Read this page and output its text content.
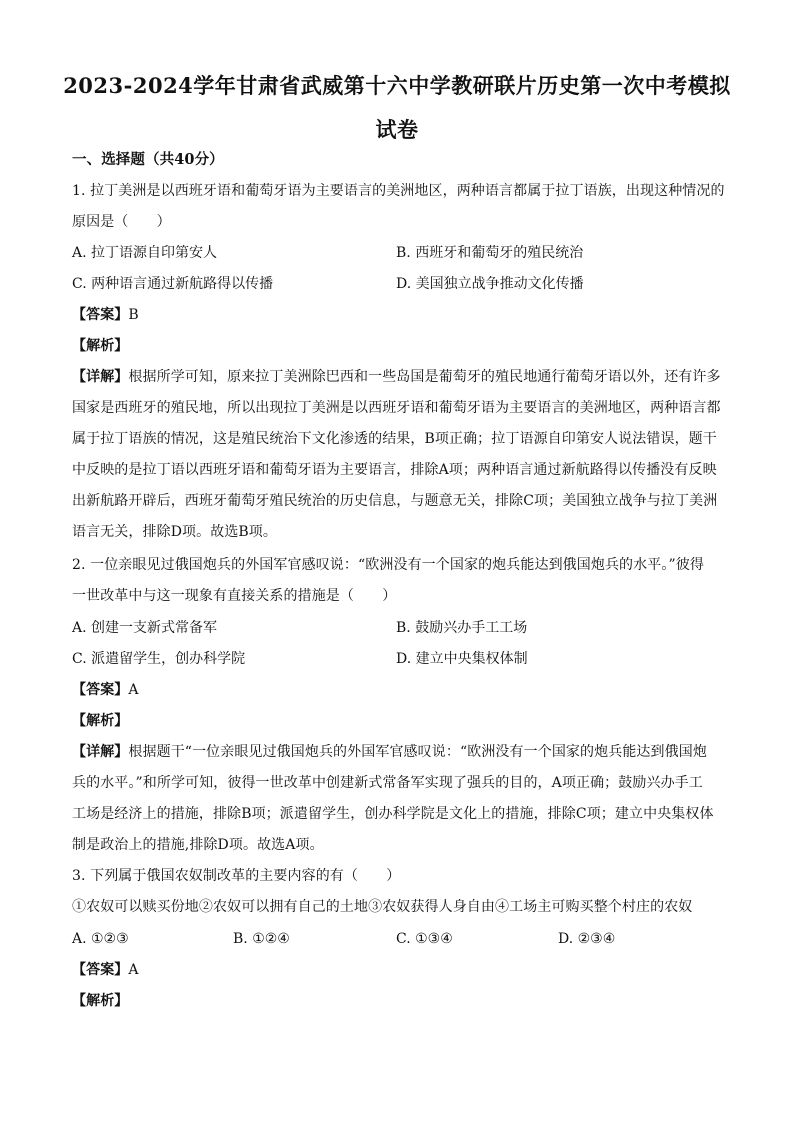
2023-2024学年甘肃省武威第十六中学教研联片历史第一次中考模拟
试卷
一、选择题（共40分）
1. 拉丁美洲是以西班牙语和葡萄牙语为主要语言的美洲地区，两种语言都属于拉丁语族，出现这种情况的
原因是（　　）
A. 拉丁语源自印第安人	B. 西班牙和葡萄牙的殖民统治
C. 两种语言通过新航路得以传播	D. 美国独立战争推动文化传播
【答案】B
【解析】
【详解】根据所学可知，原来拉丁美洲除巴西和一些岛国是葡萄牙的殖民地通行葡萄牙语以外，还有许多
国家是西班牙的殖民地，所以出现拉丁美洲是以西班牙语和葡萄牙语为主要语言的美洲地区，两种语言都
属于拉丁语族的情况，这是殖民统治下文化渗透的结果，B项正确；拉丁语源自印第安人说法错误，题干
中反映的是拉丁语以西班牙语和葡萄牙语为主要语言，排除A项；两种语言通过新航路得以传播没有反映
出新航路开辟后，西班牙葡萄牙殖民统治的历史信息，与题意无关，排除C项；美国独立战争与拉丁美洲
语言无关，排除D项。故选B项。
2. 一位亲眼见过俄国炮兵的外国军官感叹说：“欧洲没有一个国家的炮兵能达到俄国炮兵的水平。”彼得
一世改革中与这一现象有直接关系的措施是（　　）
A. 创建一支新式常备军	B. 鼓励兴办手工工场
C. 派遣留学生，创办科学院	D. 建立中央集权体制
【答案】A
【解析】
【详解】根据题干“一位亲眼见过俄国炮兵的外国军官感叹说：“欧洲没有一个国家的炮兵能达到俄国炮
兵的水平。”和所学可知，彼得一世改革中创建新式常备军实现了强兵的目的，A项正确；鼓励兴办手工
工场是经济上的措施，排除B项；派遣留学生，创办科学院是文化上的措施，排除C项；建立中央集权体
制是政治上的措施,排除D项。故选A项。
3. 下列属于俄国农奴制改革的主要内容的有（　　）
①农奴可以赎买份地②农奴可以拥有自己的土地③农奴获得人身自由④工场主可购买整个村庄的农奴
A. ①②③	B. ①②④	C. ①③④	D. ②③④
【答案】A
【解析】
